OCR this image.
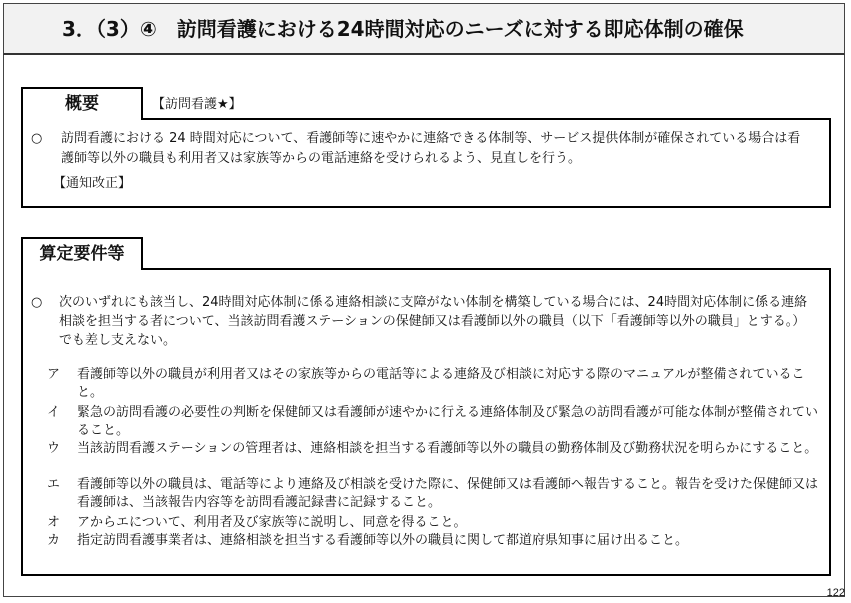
3．（3）④　訪問看護における24時間対応のニーズに対する即応体制の確保
概要	【訪問看護★】
○ 訪問看護における 24 時間対応について、看護師等に速やかに連絡できる体制等、サービス提供体制が確保されている場合は看護師等以外の職員も利用者又は家族等からの電話連絡を受けられるよう、見直しを行う。

【通知改正】
算定要件等
○ 次のいずれにも該当し、24時間対応体制に係る連絡相談に支障がない体制を構築している場合には、24時間対応体制に係る連絡相談を担当する者について、当該訪問看護ステーションの保健師又は看護師以外の職員（以下「看護師等以外の職員」とする。）でも差し支えない。

ア	看護師等以外の職員が利用者又はその家族等からの電話等による連絡及び相談に対応する際のマニュアルが整備されていること。
イ	緊急の訪問看護の必要性の判断を保健師又は看護師が速やかに行える連絡体制及び緊急の訪問看護が可能な体制が整備されていること。
ウ	当該訪問看護ステーションの管理者は、連絡相談を担当する看護師等以外の職員の勤務体制及び勤務状況を明らかにすること。
エ	看護師等以外の職員は、電話等により連絡及び相談を受けた際に、保健師又は看護師へ報告すること。報告を受けた保健師又は看護師は、当該報告内容等を訪問看護記録書に記録すること。
オ	アからエについて、利用者及び家族等に説明し、同意を得ること。
カ	指定訪問看護事業者は、連絡相談を担当する看護師等以外の職員に関して都道府県知事に届け出ること。
122
